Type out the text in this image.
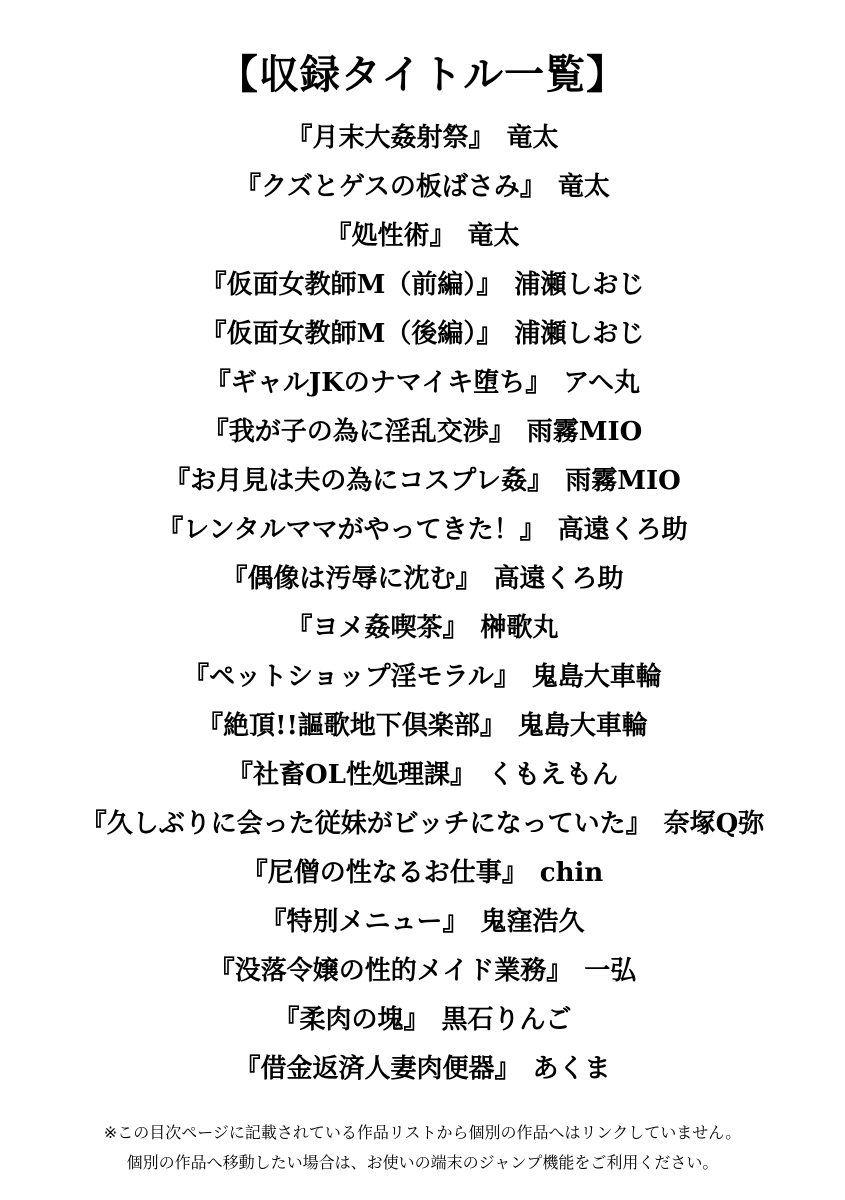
【収録タイトル一覧】
『月末大姦射祭』 竜太
『クズとゲスの板ばさみ』 竜太
『処性術』 竜太
『仮面女教師M（前編）』 浦瀬しおじ
『仮面女教師M（後編）』 浦瀬しおじ
『ギャルJKのナマイキ堕ち』 アヘ丸
『我が子の為に淫乱交渉』 雨霧MIO
『お月見は夫の為にコスプレ姦』 雨霧MIO
『レンタルママがやってきた！』 高遠くろ助
『偶像は汚辱に沈む』 高遠くろ助
『ヨメ姦喫茶』 榊歌丸
『ペットショップ淫モラル』 鬼島大車輪
『絶頂!!謳歌地下倶楽部』 鬼島大車輪
『社畜OL性処理課』 くもえもん
『久しぶりに会った従妹がビッチになっていた』 奈塚Q弥
『尼僧の性なるお仕事』 chin
『特別メニュー』 鬼窪浩久
『没落令嬢の性的メイド業務』 一弘
『柔肉の塊』 黒石りんご
『借金返済人妻肉便器』 あくま
※この目次ページに記載されている作品リストから個別の作品へはリンクしていません。
個別の作品へ移動したい場合は、お使いの端末のジャンプ機能をご利用ください。
